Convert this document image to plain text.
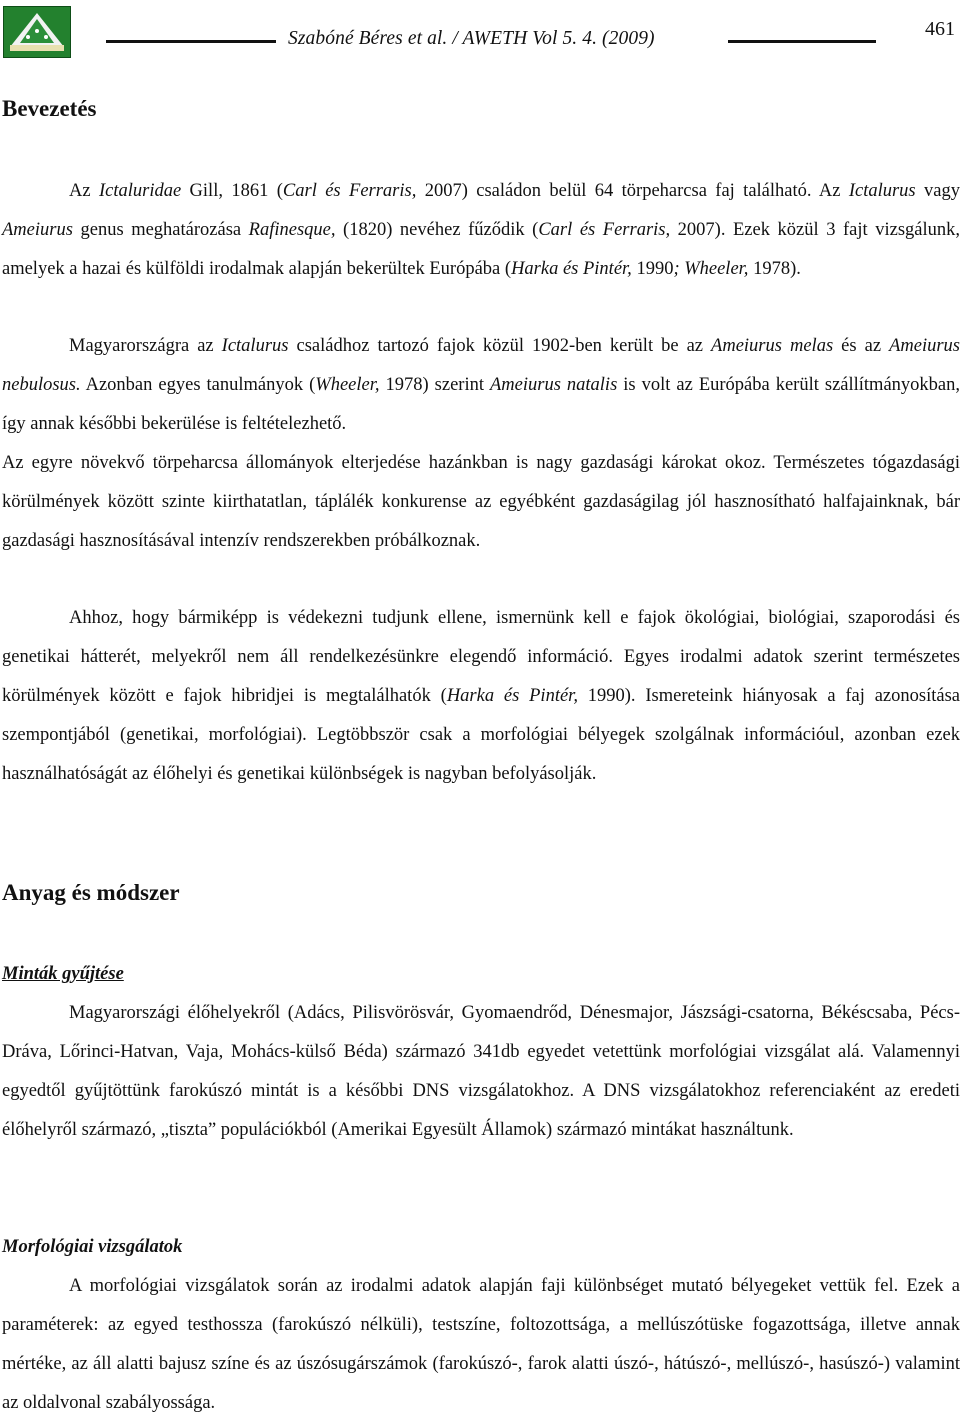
Szabóné Béres et al. / AWETH Vol 5. 4. (2009)	461
Bevezetés

Az Ictaluridae Gill, 1861 (Carl és Ferraris, 2007) családon belül 64 törpeharcsa faj található. Az Ictalurus vagy Ameiurus genus meghatározása Rafinesque, (1820) nevéhez fűződik (Carl és Ferraris, 2007). Ezek közül 3 fajt vizsgálunk, amelyek a hazai és külföldi irodalmak alapján bekerültek Európába (Harka és Pintér, 1990; Wheeler, 1978).

Magyarországra az Ictalurus családhoz tartozó fajok közül 1902-ben került be az Ameiurus melas és az Ameiurus nebulosus. Azonban egyes tanulmányok (Wheeler, 1978) szerint Ameiurus natalis is volt az Európába került szállítmányokban, így annak későbbi bekerülése is feltételezhető.

Az egyre növekvő törpeharcsa állományok elterjedése hazánkban is nagy gazdasági károkat okoz. Természetes tógazdasági körülmények között szinte kiirthatatlan, táplálék konkurense az egyébként gazdaságilag jól hasznosítható halfajainknak, bár gazdasági hasznosításával intenzív rendszerekben próbálkoznak.

Ahhoz, hogy bármiképp is védekezni tudjunk ellene, ismernünk kell e fajok ökológiai, biológiai, szaporodási és genetikai hátterét, melyekről nem áll rendelkezésünkre elegendő információ. Egyes irodalmi adatok szerint természetes körülmények között e fajok hibridjei is megtalálhatók (Harka és Pintér, 1990). Ismereteink hiányosak a faj azonosítása szempontjából (genetikai, morfológiai). Legtöbbször csak a morfológiai bélyegek szolgálnak információul, azonban ezek használhatóságát az élőhelyi és genetikai különbségek is nagyban befolyásolják.

Anyag és módszer
Minták gyűjtése

Magyarországi élőhelyekről (Adács, Pilisvörösvár, Gyomaendrőd, Dénesmajor, Jászsági-csatorna, Békéscsaba, Pécs-Dráva, Lőrinci-Hatvan, Vaja, Mohács-külső Béda) származó 341db egyedet vetettünk morfológiai vizsgálat alá. Valamennyi egyedtől gyűjtöttünk farokúszó mintát is a későbbi DNS vizsgálatokhoz. A DNS vizsgálatokhoz referenciaként az eredeti élőhelyről származó, „tiszta” populációkból (Amerikai Egyesült Államok) származó mintákat használtunk.

Morfológiai vizsgálatok

A morfológiai vizsgálatok során az irodalmi adatok alapján faji különbséget mutató bélyegeket vettük fel. Ezek a paraméterek: az egyed testhossza (farokúszó nélküli), testszíne, foltozottsága, a mellúszótüske fogazottsága, illetve annak mértéke, az áll alatti bajusz színe és az úszósugárszámok (farokúszó-, farok alatti úszó-, hátúszó-, mellúszó-, hasúszó-) valamint az oldalvonal szabályossága.
